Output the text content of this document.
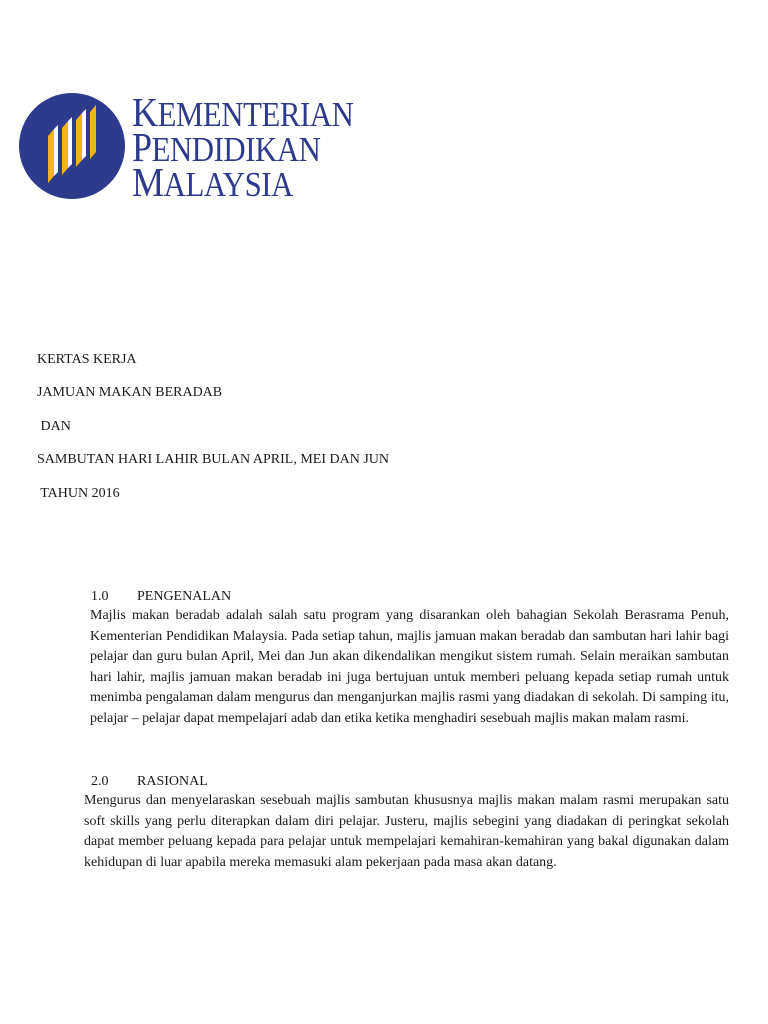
KEMENTERIAN
PENDIDIKAN
MALAYSIA
KERTAS KERJA
JAMUAN MAKAN BERADAB
DAN
SAMBUTAN HARI LAHIR BULAN APRIL, MEI DAN JUN
TAHUN 2016
1.0 PENGENALAN
Majlis makan beradab adalah salah satu program yang disarankan oleh bahagian Sekolah Berasrama Penuh, Kementerian Pendidikan Malaysia. Pada setiap tahun, majlis jamuan makan beradab dan sambutan hari lahir bagi pelajar dan guru bulan April, Mei dan Jun akan dikendalikan mengikut sistem rumah. Selain meraikan sambutan hari lahir, majlis jamuan makan beradab ini juga bertujuan untuk memberi peluang kepada setiap rumah untuk menimba pengalaman dalam mengurus dan menganjurkan majlis rasmi yang diadakan di sekolah. Di samping itu, pelajar – pelajar dapat mempelajari adab dan etika ketika menghadiri sesebuah majlis makan malam rasmi.
2.0 RASIONAL
Mengurus dan menyelaraskan sesebuah majlis sambutan khususnya majlis makan malam rasmi merupakan satu soft skills yang perlu diterapkan dalam diri pelajar. Justeru, majlis sebegini yang diadakan di peringkat sekolah dapat member peluang kepada para pelajar untuk mempelajari kemahiran-kemahiran yang bakal digunakan dalam kehidupan di luar apabila mereka memasuki alam pekerjaan pada masa akan datang.
